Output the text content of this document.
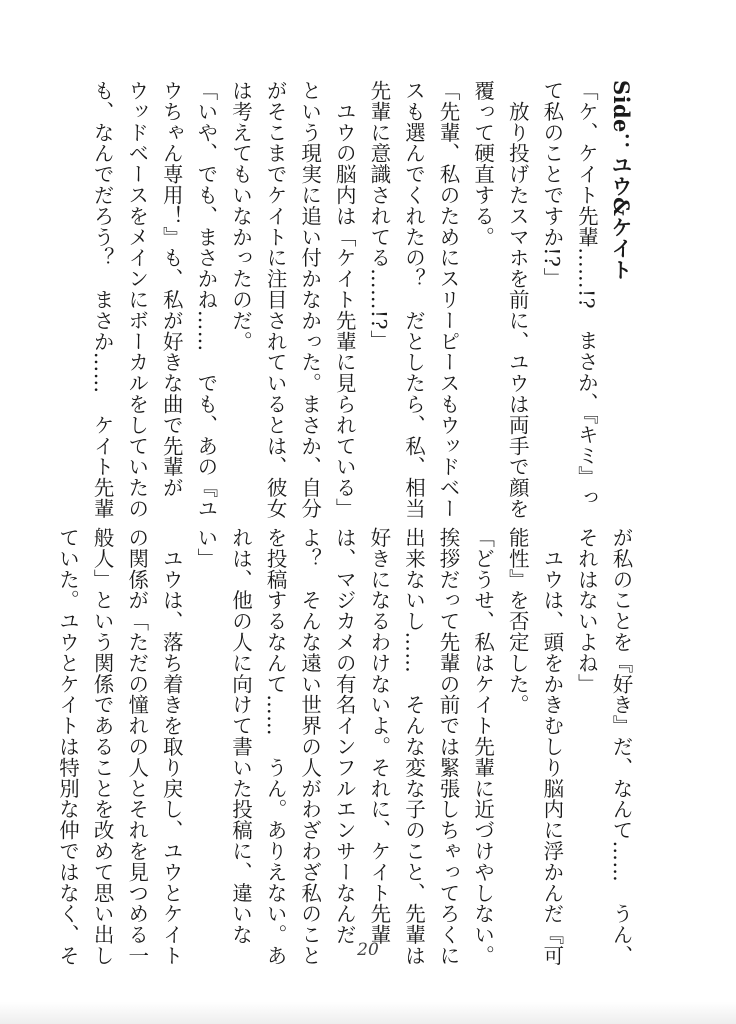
Side：ユウ&ケイト
「ケ、ケイト先輩……!?　まさか、『キミ』っ
て私のことですか!?」
　放り投げたスマホを前に、ユウは両手で顔を
覆って硬直する。
「先輩、私のためにスリーピースもウッドベー
スも選んでくれたの？　だとしたら、私、相当
先輩に意識されてる……!?」
　ユウの脳内は「ケイト先輩に見られている」
という現実に追い付かなかった。まさか、自分
がそこまでケイトに注目されているとは、彼女
は考えてもいなかったのだ。
「いや、でも、まさかね……　でも、あの『ユ
ウちゃん専用！』も、私が好きな曲で先輩が
ウッドベースをメインにボーカルをしていたの
も、なんでだろう？　まさか……　ケイト先輩
が私のことを『好き』だ、なんて……　うん、
それはないよね」
　ユウは、頭をかきむしり脳内に浮かんだ『可
能性』を否定した。
「どうせ、私はケイト先輩に近づけやしない。
挨拶だって先輩の前では緊張しちゃってろくに
出来ないし……　そんな変な子のこと、先輩は
好きになるわけないよ。それに、ケイト先輩
は、マジカメの有名インフルエンサーなんだ
よ？　そんな遠い世界の人がわざわざ私のこと
を投稿するなんて……　うん。ありえない。あ
れは、他の人に向けて書いた投稿に、違いな
い」
　ユウは、落ち着きを取り戻し、ユウとケイト
の関係が「ただの憧れの人とそれを見つめる一
般人」という関係であることを改めて思い出し
ていた。ユウとケイトは特別な仲ではなく、そ	20
